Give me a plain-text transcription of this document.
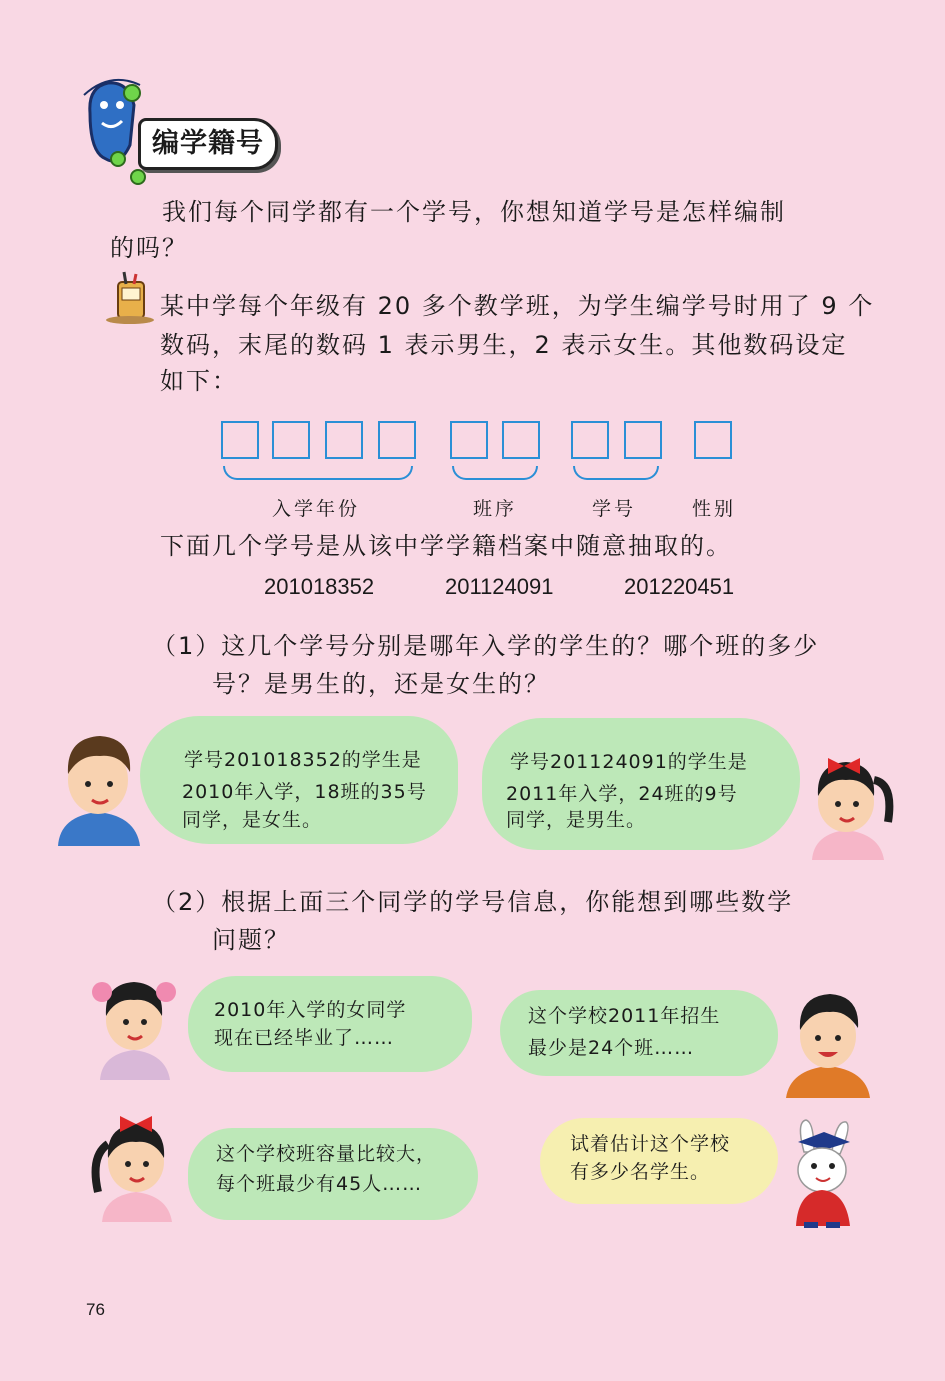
编学籍号
我们每个同学都有一个学号，你想知道学号是怎样编制
的吗？
某中学每个年级有 20 多个教学班，为学生编学号时用了 9 个
数码，末尾的数码 1 表示男生，2 表示女生。其他数码设定
如下：
入学年份	班序	学号	性别
下面几个学号是从该中学学籍档案中随意抽取的。
201018352	201124091	201220451
（1）这几个学号分别是哪年入学的学生的？哪个班的多少
号？是男生的，还是女生的？
学号201018352的学生是
2010年入学，18班的35号
同学，是女生。
学号201124091的学生是
2011年入学，24班的9号
同学，是男生。
（2）根据上面三个同学的学号信息，你能想到哪些数学
问题？
2010年入学的女同学
现在已经毕业了……
这个学校2011年招生
最少是24个班……
这个学校班容量比较大，
每个班最少有45人……
试着估计这个学校
有多少名学生。
76
